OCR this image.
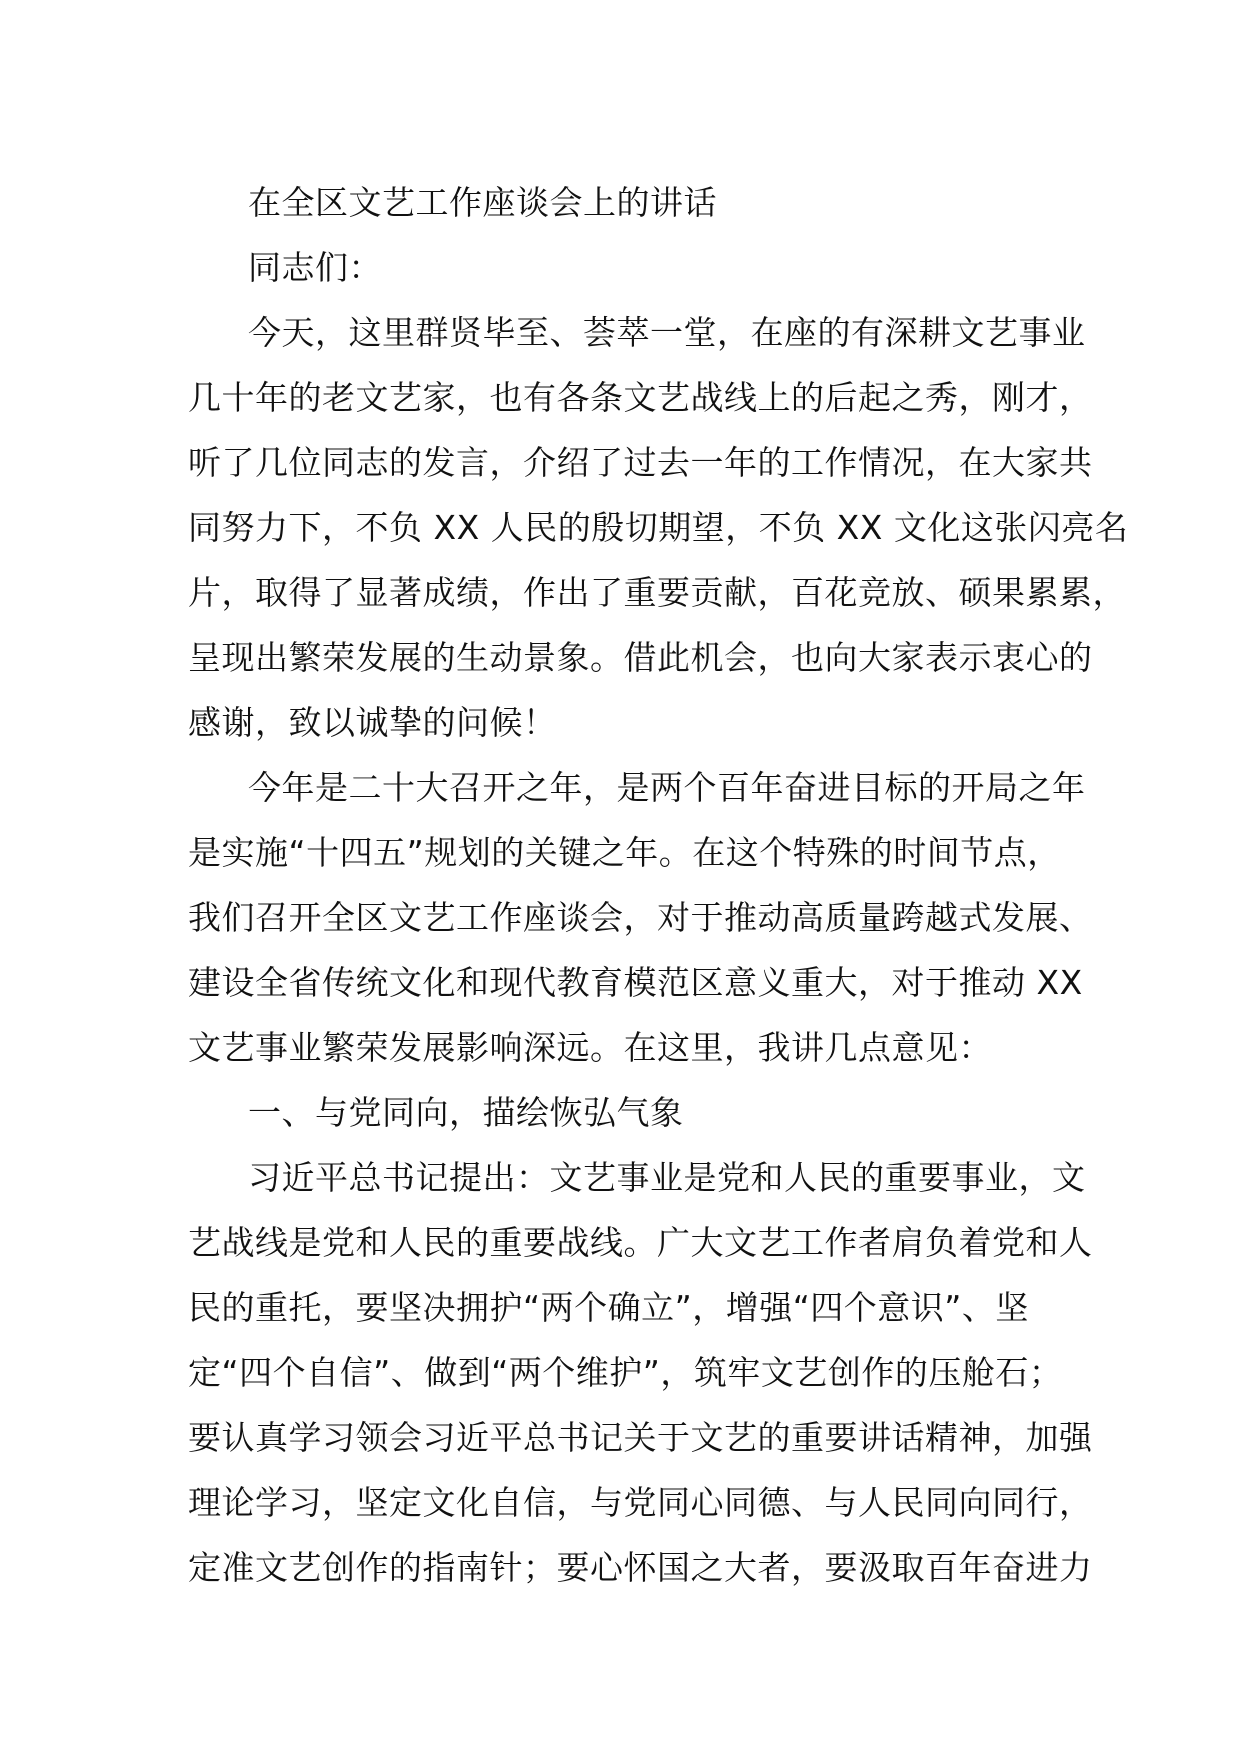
在全区文艺工作座谈会上的讲话
同志们：
今天，这里群贤毕至、荟萃一堂，在座的有深耕文艺事业
几十年的老文艺家，也有各条文艺战线上的后起之秀，刚才，
听了几位同志的发言，介绍了过去一年的工作情况，在大家共
同努力下，不负 XX 人民的殷切期望，不负 XX 文化这张闪亮名
片，取得了显著成绩，作出了重要贡献，百花竞放、硕果累累，
呈现出繁荣发展的生动景象。借此机会，也向大家表示衷心的
感谢，致以诚挚的问候！
今年是二十大召开之年，是两个百年奋进目标的开局之年
是实施“十四五”规划的关键之年。在这个特殊的时间节点，
我们召开全区文艺工作座谈会，对于推动高质量跨越式发展、
建设全省传统文化和现代教育模范区意义重大，对于推动 XX
文艺事业繁荣发展影响深远。在这里，我讲几点意见：
一、与党同向，描绘恢弘气象
习近平总书记提出：文艺事业是党和人民的重要事业，文
艺战线是党和人民的重要战线。广大文艺工作者肩负着党和人
民的重托，要坚决拥护“两个确立”，增强“四个意识”、坚
定“四个自信”、做到“两个维护”，筑牢文艺创作的压舱石；
要认真学习领会习近平总书记关于文艺的重要讲话精神，加强
理论学习，坚定文化自信，与党同心同德、与人民同向同行，
定准文艺创作的指南针；要心怀国之大者，要汲取百年奋进力
